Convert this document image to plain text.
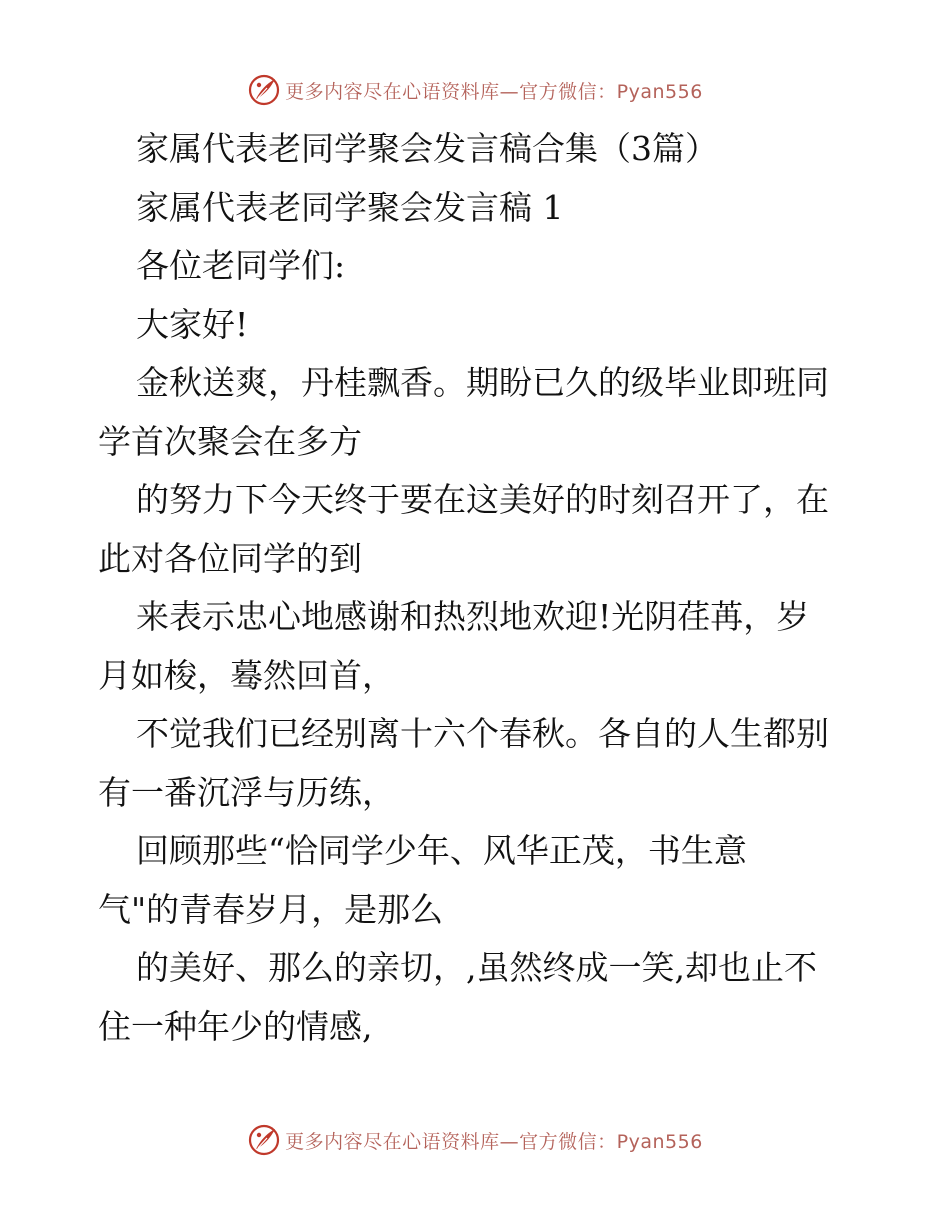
更多内容尽在心语资料库—官方微信：Pyan556
家属代表老同学聚会发言稿合集（3篇）
家属代表老同学聚会发言稿 1
各位老同学们:
大家好!
金秋送爽，丹桂飘香。期盼已久的级毕业即班同
学首次聚会在多方
的努力下今天终于要在这美好的时刻召开了，在
此对各位同学的到
来表示忠心地感谢和热烈地欢迎!光阴荏苒，岁
月如梭，蓦然回首，
不觉我们已经别离十六个春秋。各自的人生都别
有一番沉浮与历练，
回顾那些“恰同学少年、风华正茂，书生意
气"的青春岁月，是那么
的美好、那么的亲切，,虽然终成一笑,却也止不
住一种年少的情感,
更多内容尽在心语资料库—官方微信：Pyan556
